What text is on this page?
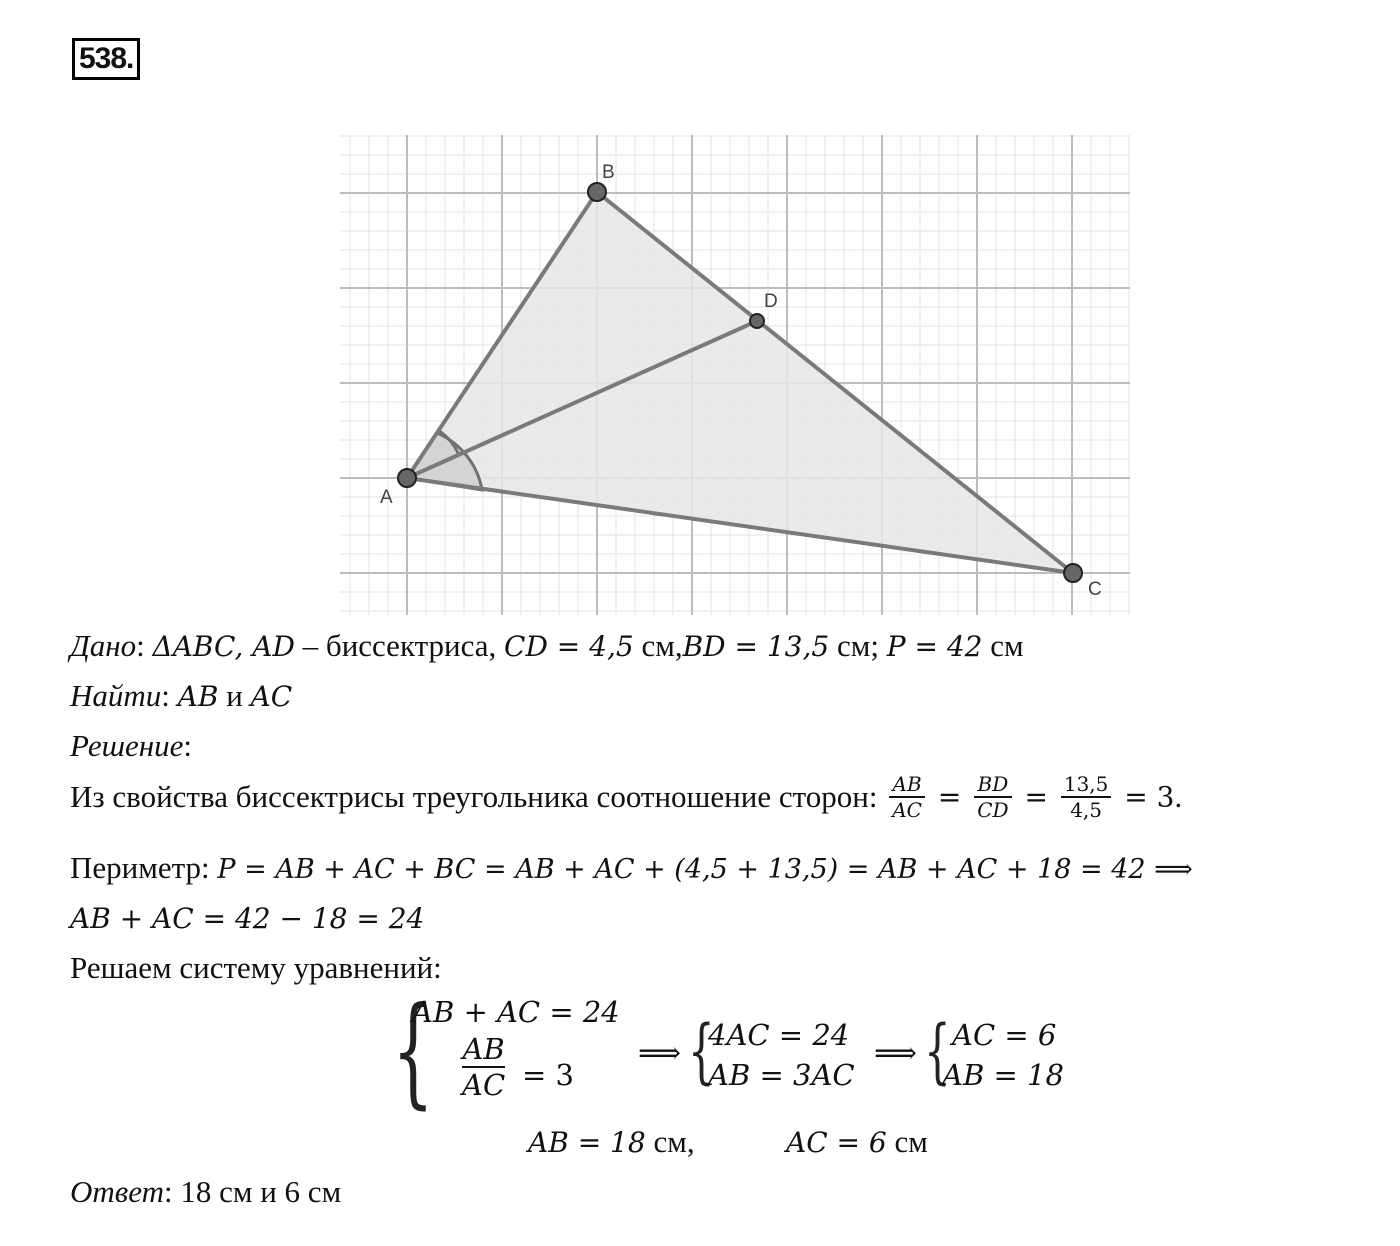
538.
A
B
C
D
Дано: ΔABC, AD – биссектриса, CD = 4,5 см,BD = 13,5 см; P = 42 см
Найти: AB и AC
Решение:
Из свойства биссектрисы треугольника соотношение сторон: $\frac{AB}{AC} = \frac{BD}{CD} = \frac{13,5}{4,5} = 3$.
Периметр: P = AB + AC + BC = AB + AC + (4,5 + 13,5) = AB + AC + 18 = 42 ⟹
AB + AC = 42 − 18 = 24
Решаем систему уравнений:
{
AB + AC = 24
$\frac{AB}{AC} = 3$
⟹ {
4AC = 24
AB = 3AC
⟹ { AC = 6
AB = 18
AB = 18 см,	AC = 6 см
Ответ: 18 см и 6 см
